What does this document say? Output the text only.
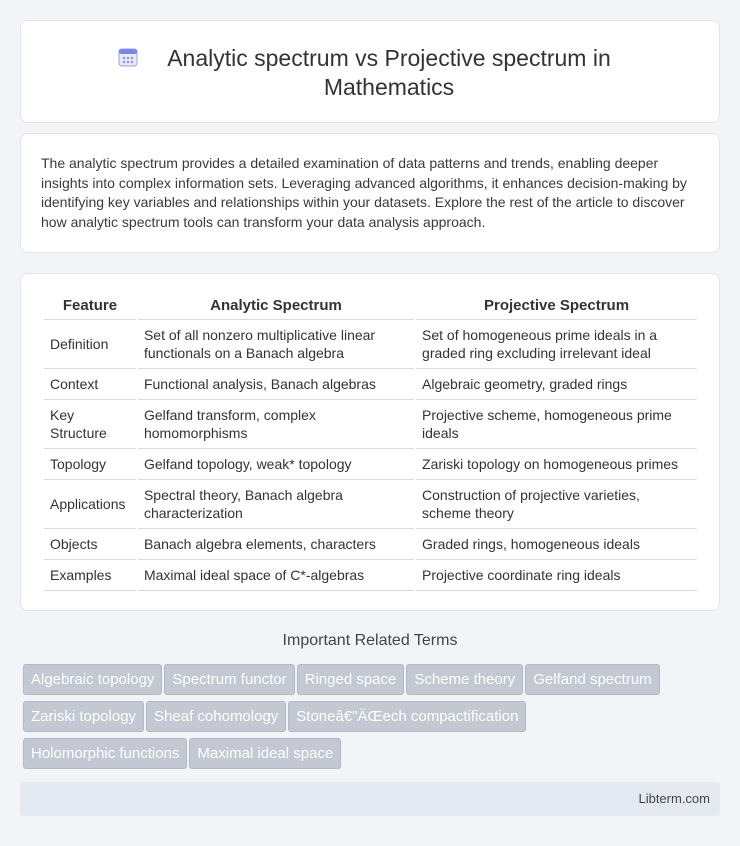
Analytic spectrum vs Projective spectrum in Mathematics

The analytic spectrum provides a detailed examination of data patterns and trends, enabling deeper insights into complex information sets. Leveraging advanced algorithms, it enhances decision-making by identifying key variables and relationships within your datasets. Explore the rest of the article to discover how analytic spectrum tools can transform your data analysis approach.

Feature	Analytic Spectrum	Projective Spectrum
Definition	Set of all nonzero multiplicative linear functionals on a Banach algebra	Set of homogeneous prime ideals in a graded ring excluding irrelevant ideal
Context	Functional analysis, Banach algebras	Algebraic geometry, graded rings
Key Structure	Gelfand transform, complex homomorphisms	Projective scheme, homogeneous prime ideals
Topology	Gelfand topology, weak* topology	Zariski topology on homogeneous primes
Applications	Spectral theory, Banach algebra characterization	Construction of projective varieties, scheme theory
Objects	Banach algebra elements, characters	Graded rings, homogeneous ideals
Examples	Maximal ideal space of C*-algebras	Projective coordinate ring ideals
Important Related Terms
Algebraic topology Spectrum functor Ringed space Scheme theory Gelfand spectrum
Zariski topology Sheaf cohomology Stoneâ€"ÄŒech compactification
Holomorphic functions Maximal ideal space
Libterm.com
